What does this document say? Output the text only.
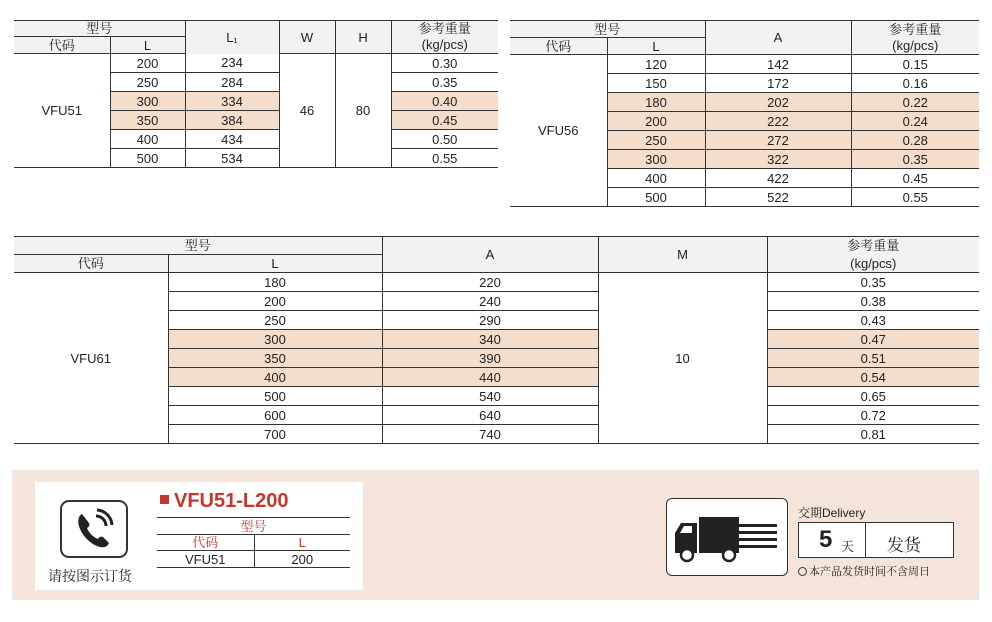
型号		L₁	W	H	参考重量
代码	L				(kg/pcs)
VFU51	200	234	46	80	0.30
	250	284			0.35
	300	334			0.40
	350	384			0.45
	400	434			0.50
	500	534			0.55
型号		A	参考重量
代码	L		(kg/pcs)
VFU56	120	142	0.15
	150	172	0.16
	180	202	0.22
	200	222	0.24
	250	272	0.28
	300	322	0.35
	400	422	0.45
	500	522	0.55
型号		A	M	参考重量
代码	L			(kg/pcs)
VFU61	180	220	10	0.35
	200	240		0.38
	250	290		0.43
	300	340		0.47
	350	390		0.51
	400	440		0.54
	500	540		0.65
	600	640		0.72
	700	740		0.81
请按图示订货
VFU51-L200
型号	
代码	L
VFU51	200
交期Delivery
5 天 发货
本产品发货时间不含周日
